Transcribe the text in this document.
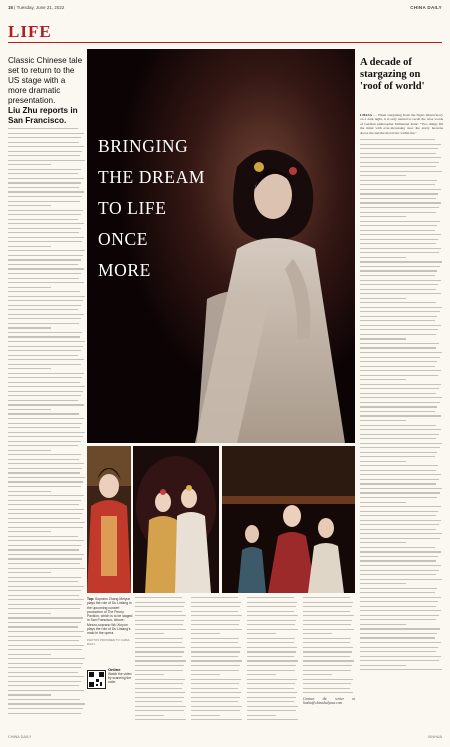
16 | Tuesday, June 21, 2022	CHINA DAILY
LIFE

Classic Chinese tale set to return to the US stage with a more dramatic presentation.

Liu Zhu reports in San Francisco.

BRINGING
THE DREAM
TO LIFE
ONCE
MORE
Top: Soprano Zhang Meiyun plays the role of Du Liniang in the upcoming concert production of The Peony Pavilion, which is to be staged in San Francisco. Above: Mezzo-soprano Wu Xinyun plays the role of Du Liniang's maid in the opera.
PHOTOS PROVIDED TO CHINA DAILY
Online
Watch the video by scanning the code.

Contact the writer at liuzhu@chinadailyusa.com

A decade of stargazing on 'roof of world'

LHASA — When stargazing from the Ngari Observatory on a dark night, it is only natural to recall the wise words of German philosopher Immanuel Kant: "Two things fill the mind with ever-increasing awe: the starry heavens above me and the moral law within me."

CHINA DAILY	XINHUA
